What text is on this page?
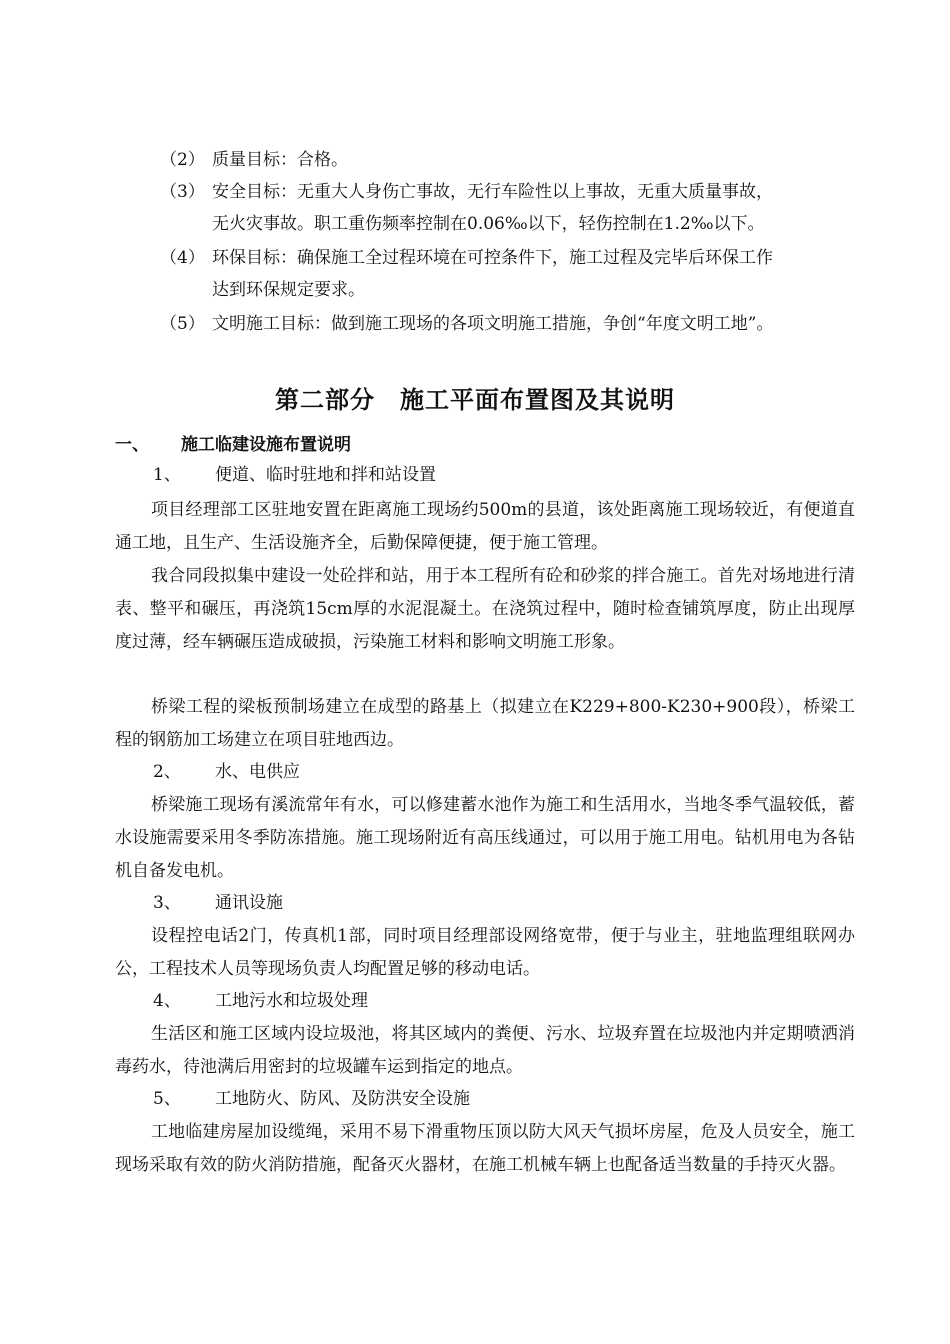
（2） 质量目标：合格。
（3） 安全目标：无重大人身伤亡事故，无行车险性以上事故，无重大质量事故，
无火灾事故。职工重伤频率控制在0.06‰以下，轻伤控制在1.2‰以下。
（4） 环保目标：确保施工全过程环境在可控条件下，施工过程及完毕后环保工作
达到环保规定要求。
（5） 文明施工目标：做到施工现场的各项文明施工措施，争创“年度文明工地”。
第二部分　施工平面布置图及其说明
一、 施工临建设施布置说明
1、 便道、临时驻地和拌和站设置
项目经理部工区驻地安置在距离施工现场约500m的县道，该处距离施工现场较近，有便道直通工地，且生产、生活设施齐全，后勤保障便捷，便于施工管理。
我合同段拟集中建设一处砼拌和站，用于本工程所有砼和砂浆的拌合施工。首先对场地进行清表、整平和碾压，再浇筑15cm厚的水泥混凝土。在浇筑过程中，随时检查铺筑厚度，防止出现厚度过薄，经车辆碾压造成破损，污染施工材料和影响文明施工形象。
桥梁工程的梁板预制场建立在成型的路基上（拟建立在K229+800-K230+900段），桥梁工程的钢筋加工场建立在项目驻地西边。
2、 水、电供应
桥梁施工现场有溪流常年有水，可以修建蓄水池作为施工和生活用水，当地冬季气温较低，蓄水设施需要采用冬季防冻措施。施工现场附近有高压线通过，可以用于施工用电。钻机用电为各钻机自备发电机。
3、 通讯设施
设程控电话2门，传真机1部，同时项目经理部设网络宽带，便于与业主，驻地监理组联网办公，工程技术人员等现场负责人均配置足够的移动电话。
4、 工地污水和垃圾处理
生活区和施工区域内设垃圾池，将其区域内的粪便、污水、垃圾弃置在垃圾池内并定期喷洒消毒药水，待池满后用密封的垃圾罐车运到指定的地点。
5、 工地防火、防风、及防洪安全设施
工地临建房屋加设缆绳，采用不易下滑重物压顶以防大风天气损坏房屋，危及人员安全，施工现场采取有效的防火消防措施，配备灭火器材，在施工机械车辆上也配备适当数量的手持灭火器。
